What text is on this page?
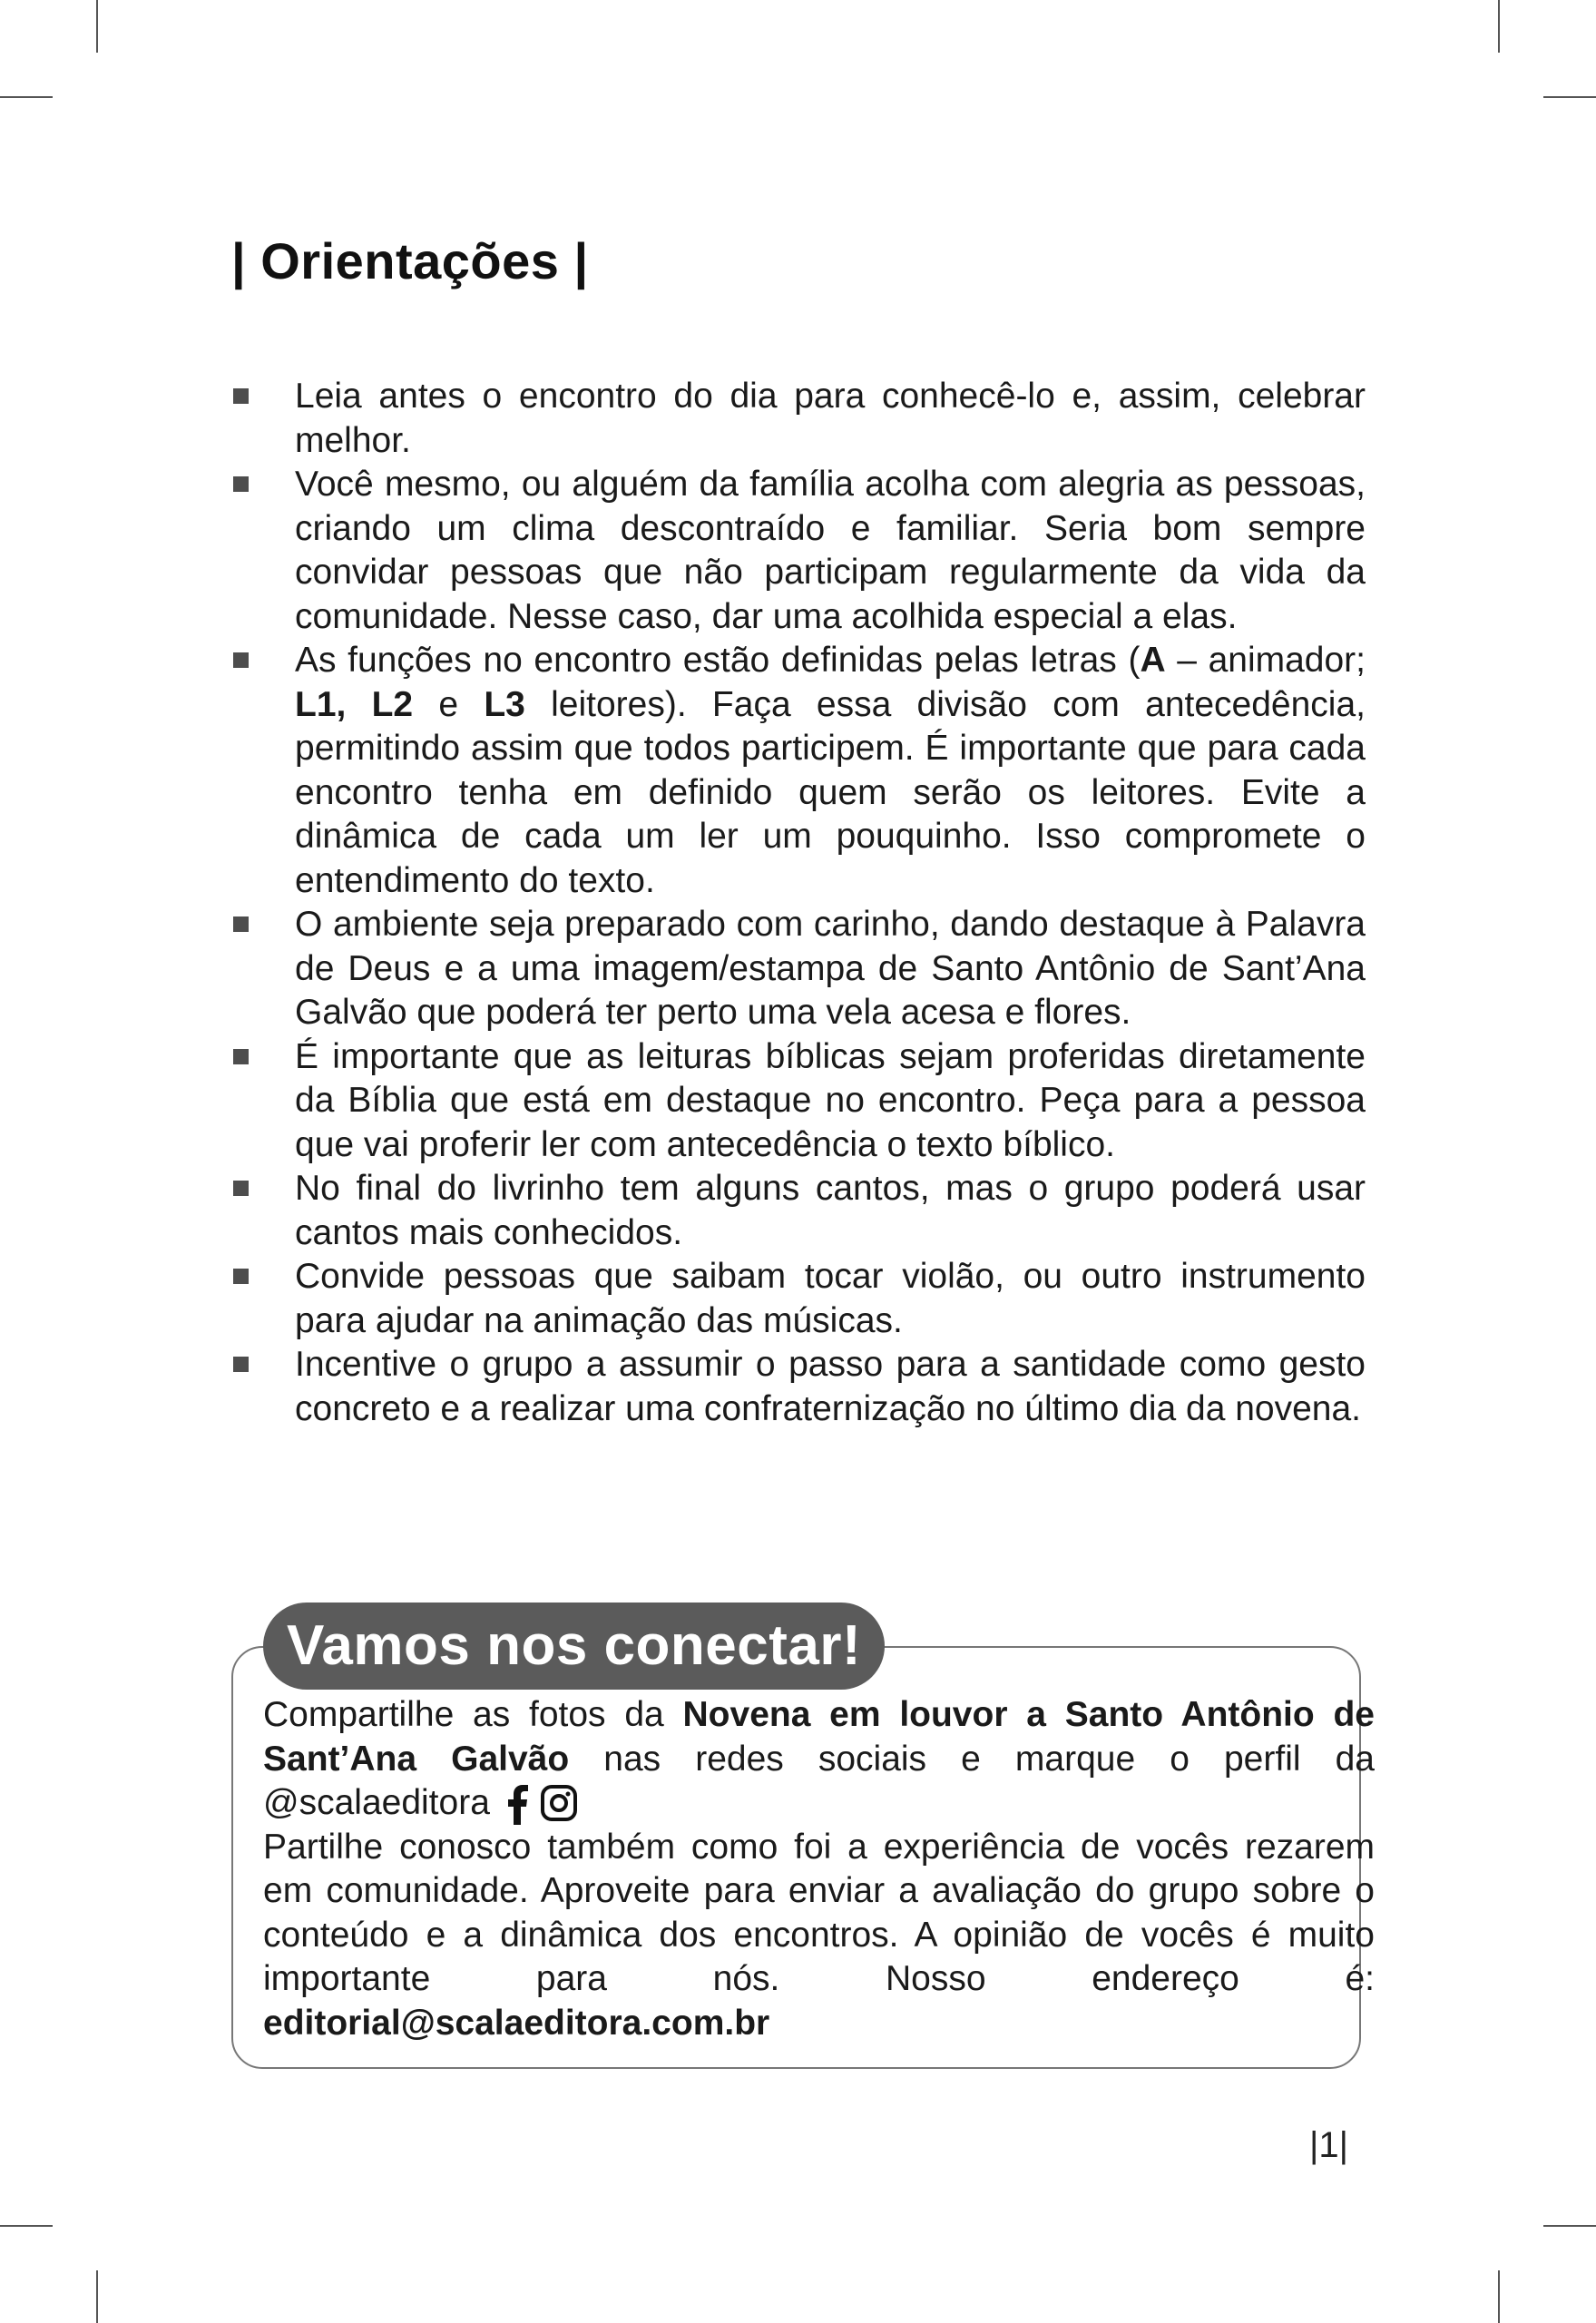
| Orientações |
Leia antes o encontro do dia para conhecê-lo e, assim, celebrar melhor.
Você mesmo, ou alguém da família acolha com alegria as pessoas, criando um clima descontraído e familiar. Seria bom sempre convidar pessoas que não participam regularmente da vida da comunidade. Nesse caso, dar uma acolhida especial a elas.
As funções no encontro estão definidas pelas letras (A – animador; L1, L2 e L3 leitores). Faça essa divisão com antecedência, permitindo assim que todos participem. É importante que para cada encontro tenha em definido quem serão os leitores. Evite a dinâmica de cada um ler um pouquinho. Isso compromete o entendimento do texto.
O ambiente seja preparado com carinho, dando destaque à Palavra de Deus e a uma imagem/estampa de Santo Antônio de Sant’Ana Galvão que poderá ter perto uma vela acesa e flores.
É importante que as leituras bíblicas sejam proferidas diretamente da Bíblia que está em destaque no encontro. Peça para a pessoa que vai proferir ler com antecedência o texto bíblico.
No final do livrinho tem alguns cantos, mas o grupo poderá usar cantos mais conhecidos.
Convide pessoas que saibam tocar violão, ou outro instrumento para ajudar na animação das músicas.
Incentive o grupo a assumir o passo para a santidade como gesto concreto e a realizar uma confraternização no último dia da novena.
Vamos nos conectar!

Compartilhe as fotos da Novena em louvor a Santo Antônio de Sant’Ana Galvão nas redes sociais e marque o perfil da @scalaeditora

Partilhe conosco também como foi a experiência de vocês rezarem em comunidade. Aproveite para enviar a avaliação do grupo sobre o conteúdo e a dinâmica dos encontros. A opinião de vocês é muito importante para nós. Nosso endereço é: editorial@scalaeditora.com.br

|1|
